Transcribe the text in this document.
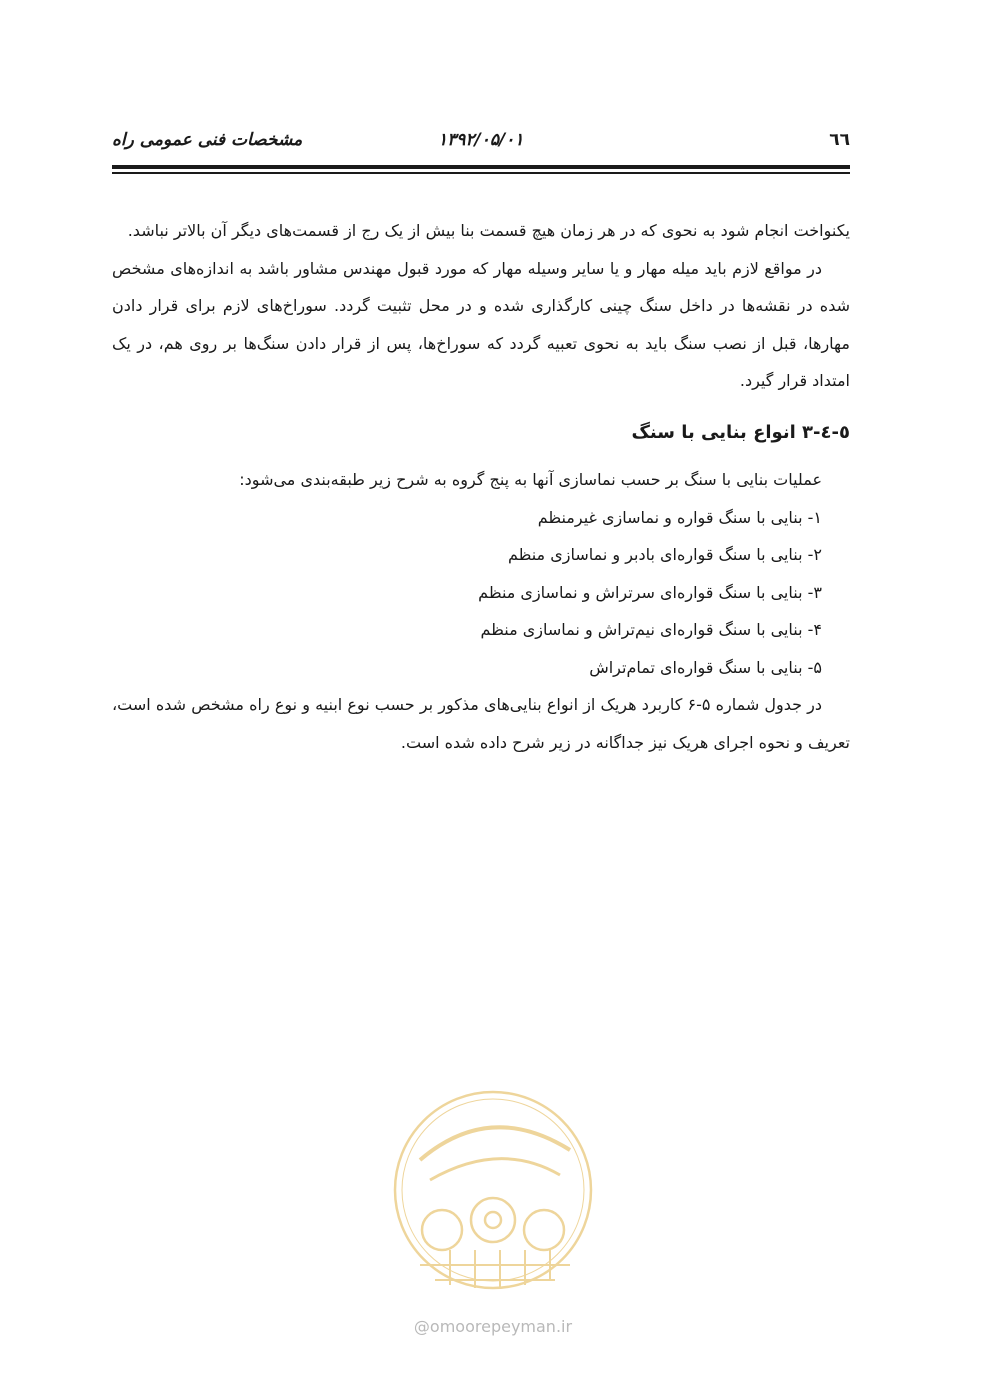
مشخصات فنی عمومی راه	۱۳۹۲/۰۵/۰۱	٦٦

یکنواخت انجام شود به نحوی که در هر زمان هیچ قسمت بنا بیش از یک رج از قسمت‌های دیگر آن بالاتر نباشد.

در مواقع لازم باید میله مهار و یا سایر وسیله مهار که مورد قبول مهندس مشاور باشد به اندازه‌های مشخص شده در نقشه‌ها در داخل سنگ چینی کارگذاری شده و در محل تثبیت گردد. سوراخ‌های لازم برای قرار دادن مهارها، قبل از نصب سنگ باید به نحوی تعبیه گردد که سوراخ‌ها، پس از قرار دادن سنگ‌ها بر روی هم، در یک امتداد قرار گیرد.

٥-٤-٣ انواع بنایی با سنگ

عملیات بنایی با سنگ بر حسب نماسازی آنها به پنج گروه به شرح زیر طبقه‌بندی می‌شود:

۱- بنایی با سنگ قواره و نماسازی غیرمنظم
۲- بنایی با سنگ قواره‌ای بادبر و نماسازی منظم
۳- بنایی با سنگ قواره‌ای سرتراش و نماسازی منظم
۴- بنایی با سنگ قواره‌ای نیم‌تراش و نماسازی منظم
۵- بنایی با سنگ قواره‌ای تمام‌تراش

در جدول شماره ۵-۶ کاربرد هریک از انواع بنایی‌های مذکور بر حسب نوع ابنیه و نوع راه مشخص شده است، تعریف و نحوه اجرای هریک نیز جداگانه در زیر شرح داده شده است.

@omoorepeyman.ir
